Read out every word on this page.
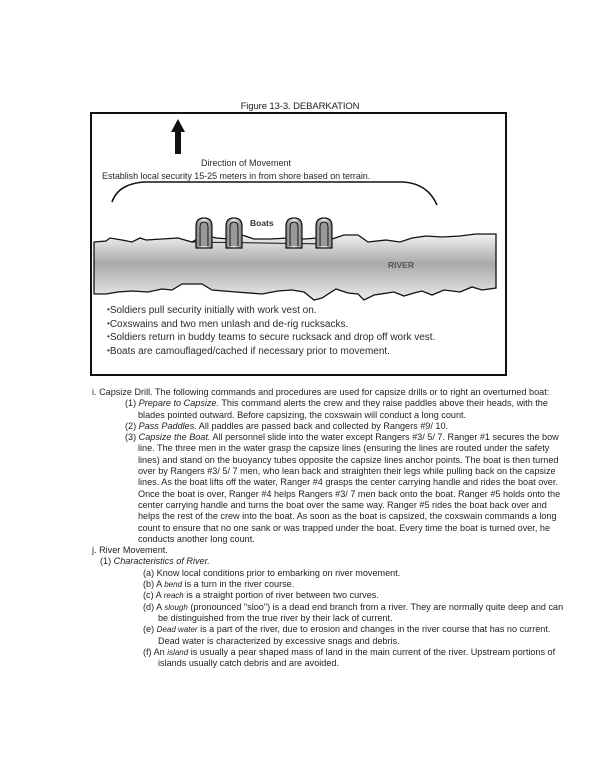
Figure 13-3. DEBARKATION
Direction of Movement
Establish local security 15-25 meters in from shore based on terrain.
Boats
RIVER
•Soldiers pull security initially with work vest on.
•Coxswains and two men unlash and de-rig rucksacks.
•Soldiers return in buddy teams to secure rucksack and drop off work vest.
•Boats are camouflaged/cached if necessary prior to movement.
i. Capsize Drill. The following commands and procedures are used for capsize drills or to right an overturned boat:
(1) Prepare to Capsize. This command alerts the crew and they raise paddles above their heads, with the
blades pointed outward. Before capsizing, the coxswain will conduct a long count.
(2) Pass Paddles. All paddles are passed back and collected by Rangers #9/ 10.
(3) Capsize the Boat. All personnel slide into the water except Rangers #3/ 5/ 7. Ranger #1 secures the bow
line. The three men in the water grasp the capsize lines (ensuring the lines are routed under the safety
lines) and stand on the buoyancy tubes opposite the capsize lines anchor points. The boat is then turned
over by Rangers #3/ 5/ 7 men, who lean back and straighten their legs while pulling back on the capsize
lines. As the boat lifts off the water, Ranger #4 grasps the center carrying handle and rides the boat over.
Once the boat is over, Ranger #4 helps Rangers #3/ 7 men back onto the boat. Ranger #5 holds onto the
center carrying handle and turns the boat over the same way. Ranger #5 rides the boat back over and
helps the rest of the crew into the boat. As soon as the boat is capsized, the coxswain commands a long
count to ensure that no one sank or was trapped under the boat. Every time the boat is turned over, he
conducts another long count.
j. River Movement.
(1) Characteristics of River.
(a) Know local conditions prior to embarking on river movement.
(b) A bend is a turn in the river course.
(c) A reach is a straight portion of river between two curves.
(d) A slough (pronounced "sloo") is a dead end branch from a river. They are normally quite deep and can
be distinguished from the true river by their lack of current.
(e) Dead water is a part of the river, due to erosion and changes in the river course that has no current.
Dead water is characterized by excessive snags and debris.
(f) An island is usually a pear shaped mass of land in the main current of the river. Upstream portions of
islands usually catch debris and are avoided.
